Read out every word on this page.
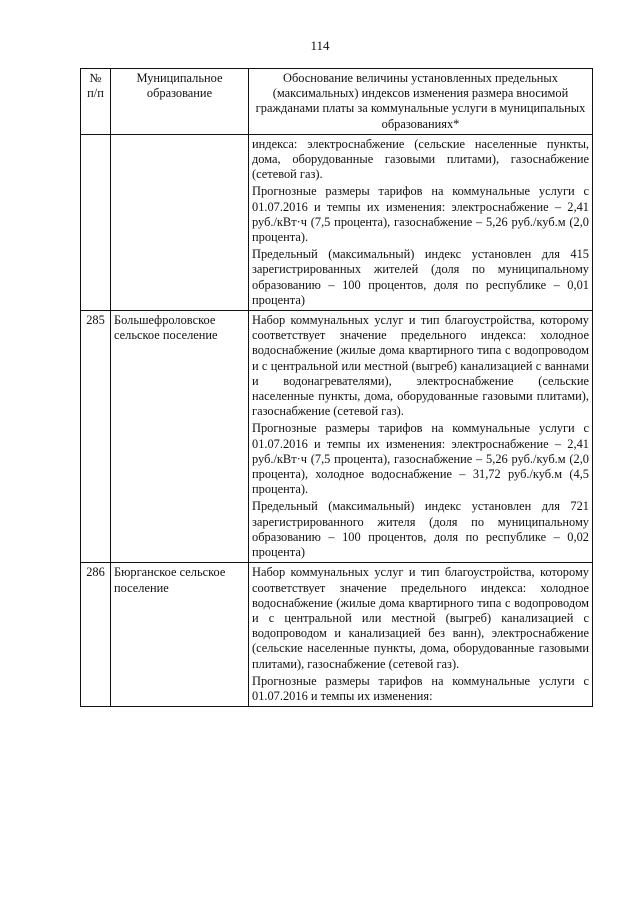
114
№ п/п	Муниципальное образование	Обоснование величины установленных предельных (максимальных) индексов изменения размера вносимой гражданами платы за коммунальные услуги в муниципальных образованиях*

		индекса: электроснабжение (сельские населенные пункты, дома, оборудованные газовыми плитами), газоснабжение (сетевой газ).

Прогнозные размеры тарифов на коммунальные услуги с 01.07.2016 и темпы их изменения: электроснабжение – 2,41 руб./кВт·ч (7,5 процента), газоснабжение – 5,26 руб./куб.м (2,0 процента).

Предельный (максимальный) индекс установлен для 415 зарегистрированных жителей (доля по муниципальному образованию – 100 процентов, доля по республике – 0,01 процента)

285	Большефроловское сельское поселение	Набор коммунальных услуг и тип благоустройства, которому соответствует значение предельного индекса: холодное водоснабжение (жилые дома квартирного типа с водопроводом и с центральной или местной (выгреб) канализацией с ваннами и водонагревателями), электроснабжение (сельские населенные пункты, дома, оборудованные газовыми плитами), газоснабжение (сетевой газ).

Прогнозные размеры тарифов на коммунальные услуги с 01.07.2016 и темпы их изменения: электроснабжение – 2,41 руб./кВт·ч (7,5 процента), газоснабжение – 5,26 руб./куб.м (2,0 процента), холодное водоснабжение – 31,72 руб./куб.м (4,5 процента).

Предельный (максимальный) индекс установлен для 721 зарегистрированного жителя (доля по муниципальному образованию – 100 процентов, доля по республике – 0,02 процента)

286	Бюрганское сельское поселение	Набор коммунальных услуг и тип благоустройства, которому соответствует значение предельного индекса: холодное водоснабжение (жилые дома квартирного типа с водопроводом и с центральной или местной (выгреб) канализацией с водопроводом и канализацией без ванн), электроснабжение (сельские населенные пункты, дома, оборудованные газовыми плитами), газоснабжение (сетевой газ).

Прогнозные размеры тарифов на коммунальные услуги с 01.07.2016 и темпы их изменения:
